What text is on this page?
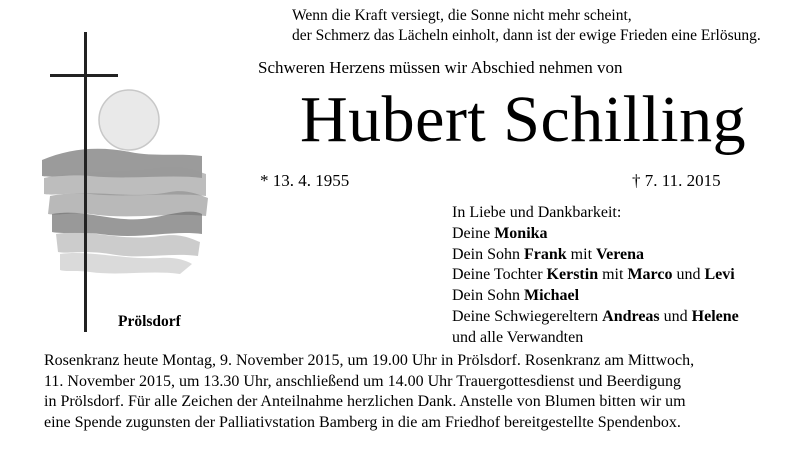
Wenn die Kraft versiegt, die Sonne nicht mehr scheint,
der Schmerz das Lächeln einholt, dann ist der ewige Frieden eine Erlösung.
Schweren Herzens müssen wir Abschied nehmen von
Hubert Schilling
* 13. 4. 1955	† 7. 11. 2015
In Liebe und Dankbarkeit:
Deine Monika
Dein Sohn Frank mit Verena
Deine Tochter Kerstin mit Marco und Levi
Dein Sohn Michael
Deine Schwiegereltern Andreas und Helene
und alle Verwandten
Prölsdorf
Rosenkranz heute Montag, 9. November 2015, um 19.00 Uhr in Prölsdorf. Rosenkranz am Mittwoch,
11. November 2015, um 13.30 Uhr, anschließend um 14.00 Uhr Trauergottesdienst und Beerdigung
in Prölsdorf. Für alle Zeichen der Anteilnahme herzlichen Dank. Anstelle von Blumen bitten wir um
eine Spende zugunsten der Palliativstation Bamberg in die am Friedhof bereitgestellte Spendenbox.
